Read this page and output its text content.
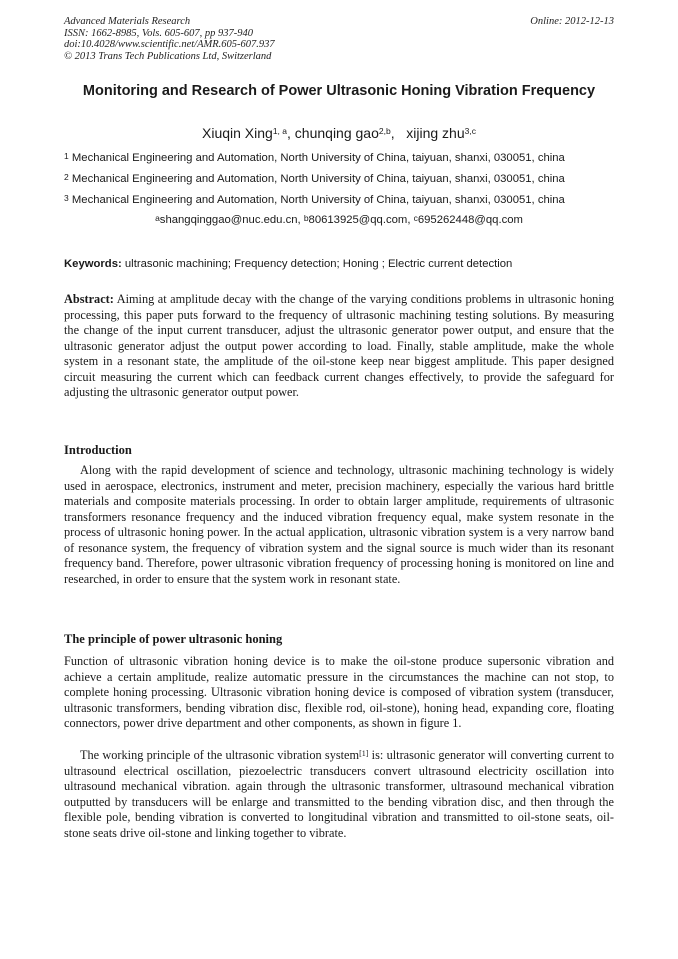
Advanced Materials Research
ISSN: 1662-8985, Vols. 605-607, pp 937-940
doi:10.4028/www.scientific.net/AMR.605-607.937
© 2013 Trans Tech Publications Ltd, Switzerland
Online: 2012-12-13
Monitoring and Research of Power Ultrasonic Honing Vibration Frequency
Xiuqin Xing$^{1, a}$, chunqing gao$^{2,b}$,   xijing zhu$^{3,c}$
$^1$ Mechanical Engineering and Automation, North University of China, taiyuan, shanxi, 030051, china
$^2$ Mechanical Engineering and Automation, North University of China, taiyuan, shanxi, 030051, china
$^3$ Mechanical Engineering and Automation, North University of China, taiyuan, shanxi, 030051, china
$^a$shangqinggao@nuc.edu.cn, $^b$80613925@qq.com, $^c$695262448@qq.com
Keywords: ultrasonic machining; Frequency detection; Honing ; Electric current detection
Abstract: Aiming at amplitude decay with the change of the varying conditions problems in ultrasonic honing processing, this paper puts forward to the frequency of ultrasonic machining testing solutions. By measuring the change of the input current transducer, adjust the ultrasonic generator power output, and ensure that the ultrasonic generator adjust the output power according to load. Finally, stable amplitude, make the whole system in a resonant state, the amplitude of the oil-stone keep near biggest amplitude. This paper designed circuit measuring the current which can feedback current changes effectively, to provide the safeguard for adjusting the ultrasonic generator output power.
Introduction
Along with the rapid development of science and technology, ultrasonic machining technology is widely used in aerospace, electronics, instrument and meter, precision machinery, especially the various hard brittle materials and composite materials processing. In order to obtain larger amplitude, requirements of ultrasonic transformers resonance frequency and the induced vibration frequency equal, make system resonate in the process of ultrasonic honing power. In the actual application, ultrasonic vibration system is a very narrow band of resonance system, the frequency of vibration system and the signal source is much wider than its resonant frequency band. Therefore, power ultrasonic vibration frequency of processing honing is monitored on line and researched, in order to ensure that the system work in resonant state.
The principle of power ultrasonic honing
Function of ultrasonic vibration honing device is to make the oil-stone produce supersonic vibration and achieve a certain amplitude, realize automatic pressure in the circumstances the machine can not stop, to complete honing processing. Ultrasonic vibration honing device is composed of vibration system (transducer, ultrasonic transformers, bending vibration disc, flexible rod, oil-stone), honing head, expanding core, floating connectors, power drive department and other components, as shown in figure 1.
The working principle of the ultrasonic vibration system[1] is: ultrasonic generator will converting current to ultrasound electrical oscillation, piezoelectric transducers convert ultrasound electricity oscillation into ultrasound mechanical vibration. again through the ultrasonic transformer, ultrasound mechanical vibration outputted by transducers will be enlarge and transmitted to the bending vibration disc, and then through the flexible pole, bending vibration is converted to longitudinal vibration and transmitted to oil-stone seats, oil-stone seats drive oil-stone and linking together to vibrate.
